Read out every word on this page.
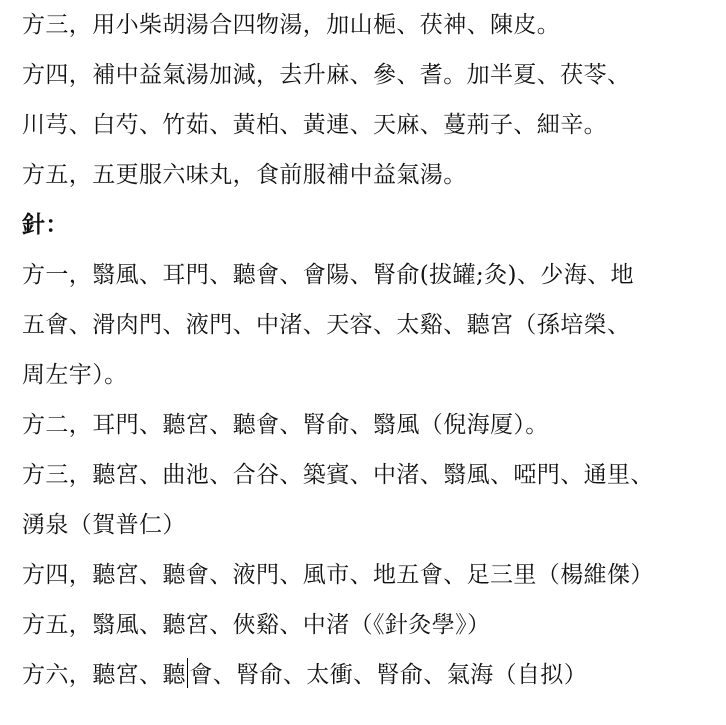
方三，用小柴胡湯合四物湯，加山梔、茯神、陳皮。
方四，補中益氣湯加減，去升麻、參、耆。加半夏、茯苓、
川芎、白芍、竹茹、黃柏、黃連、天麻、蔓荊子、細辛。
方五，五更服六味丸，食前服補中益氣湯。
針：
方一，翳風、耳門、聽會、會陽、腎俞(拔罐;灸)、少海、地
五會、滑肉門、液門、中渚、天容、太谿、聽宮（孫培榮、
周左宇）。
方二，耳門、聽宮、聽會、腎俞、翳風（倪海厦）。
方三，聽宮、曲池、合谷、築賓、中渚、翳風、啞門、通里、
湧泉（賀普仁）
方四，聽宮、聽會、液門、風市、地五會、足三里（楊維傑）
方五，翳風、聽宮、俠谿、中渚（《針灸學》）
方六，聽宮、聽 會、腎俞、太衝、腎俞、氣海（自拟）
